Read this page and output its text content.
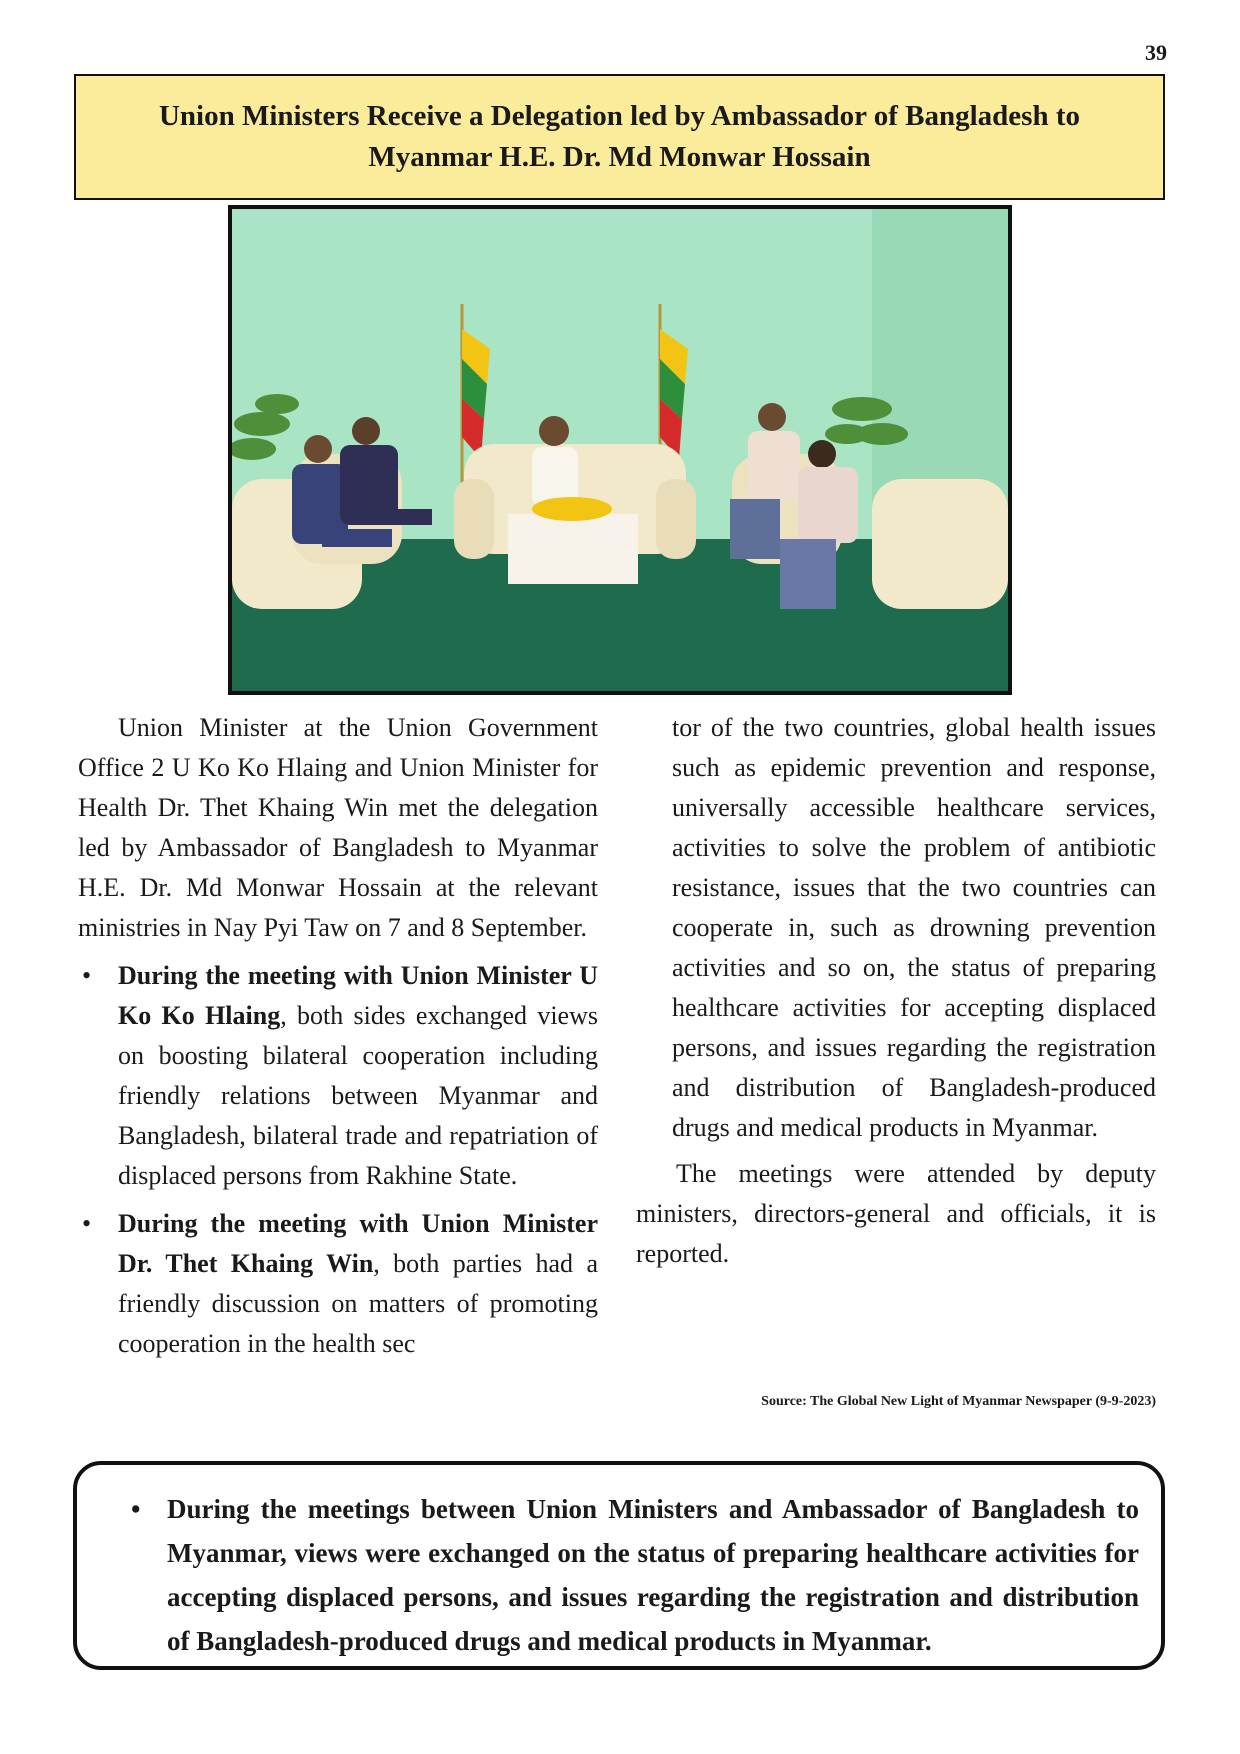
39
Union Ministers Receive a Delegation led by Ambassador of Bangladesh to Myanmar H.E. Dr. Md Monwar Hossain

Union Minister at the Union Government Office 2 U Ko Ko Hlaing and Union Minister for Health Dr. Thet Khaing Win met the delegation led by Ambassador of Bangladesh to Myanmar H.E. Dr. Md Monwar Hossain at the relevant ministries in Nay Pyi Taw on 7 and 8 September.

• During the meeting with Union Minister U Ko Ko Hlaing, both sides exchanged views on boosting bilateral cooperation including friendly relations between Myanmar and Bangladesh, bilateral trade and repatriation of displaced persons from Rakhine State.

• During the meeting with Union Minister Dr. Thet Khaing Win, both parties had a friendly discussion on matters of promoting cooperation in the health sec

tor of the two countries, global health issues such as epidemic prevention and response, universally accessible healthcare services, activities to solve the problem of antibiotic resistance, issues that the two countries can cooperate in, such as drowning prevention activities and so on, the status of preparing healthcare activities for accepting displaced persons, and issues regarding the registration and distribution of Bangladesh-produced drugs and medical products in Myanmar.

The meetings were attended by deputy ministers, directors-general and officials, it is reported.

Source: The Global New Light of Myanmar Newspaper (9-9-2023)

• During the meetings between Union Ministers and Ambassador of Bangladesh to Myanmar, views were exchanged on the status of preparing healthcare activities for accepting displaced persons, and issues regarding the registration and distribution of Bangladesh-produced drugs and medical products in Myanmar.
